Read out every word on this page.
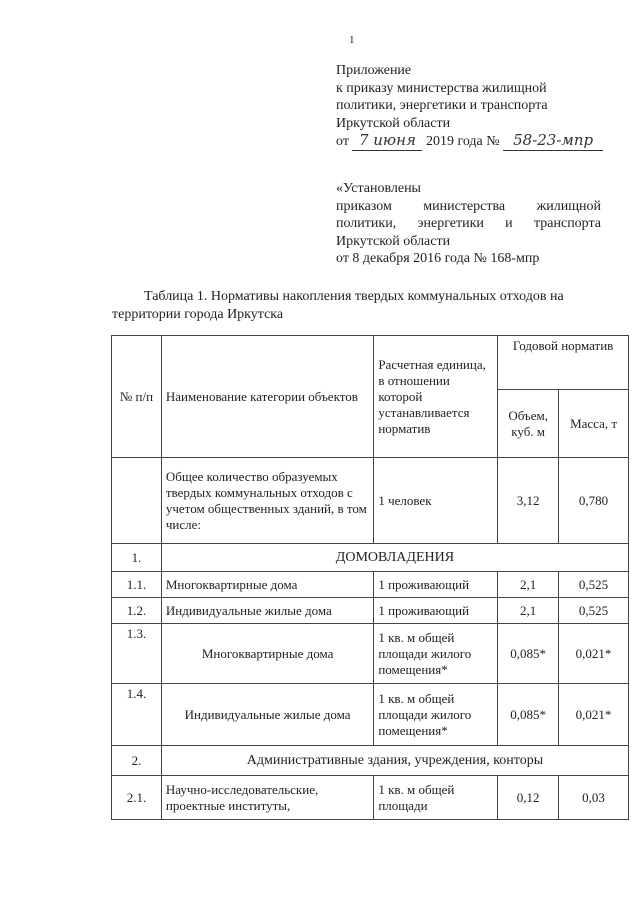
1
Приложение
к приказу министерства жилищной
политики, энергетики и транспорта
Иркутской области
от 7 июня 2019 года № 58-23-мпр
«Установлены
приказом министерства жилищной
политики, энергетики и транспорта
Иркутской области
от 8 декабря 2016 года № 168-мпр
Таблица 1. Нормативы накопления твердых коммунальных отходов на
территории города Иркутска
№ п/п	Наименование категории объектов	Расчетная единица, в отношении которой устанавливается норматив	Годовой норматив	
			Объем, куб. м	Масса, т
	Общее количество образуемых твердых коммунальных отходов с учетом общественных зданий, в том числе:	1 человек	3,12	0,780
1.	ДОМОВЛАДЕНИЯ			
1.1.	Многоквартирные дома	1 проживающий	2,1	0,525
1.2.	Индивидуальные жилые дома	1 проживающий	2,1	0,525
1.3.	Многоквартирные дома	1 кв. м общей площади жилого помещения*	0,085*	0,021*
1.4.	Индивидуальные жилые дома	1 кв. м общей площади жилого помещения*	0,085*	0,021*
2.	Административные здания, учреждения, конторы			
2.1.	Научно-исследовательские, проектные институты,	1 кв. м общей площади	0,12	0,03
